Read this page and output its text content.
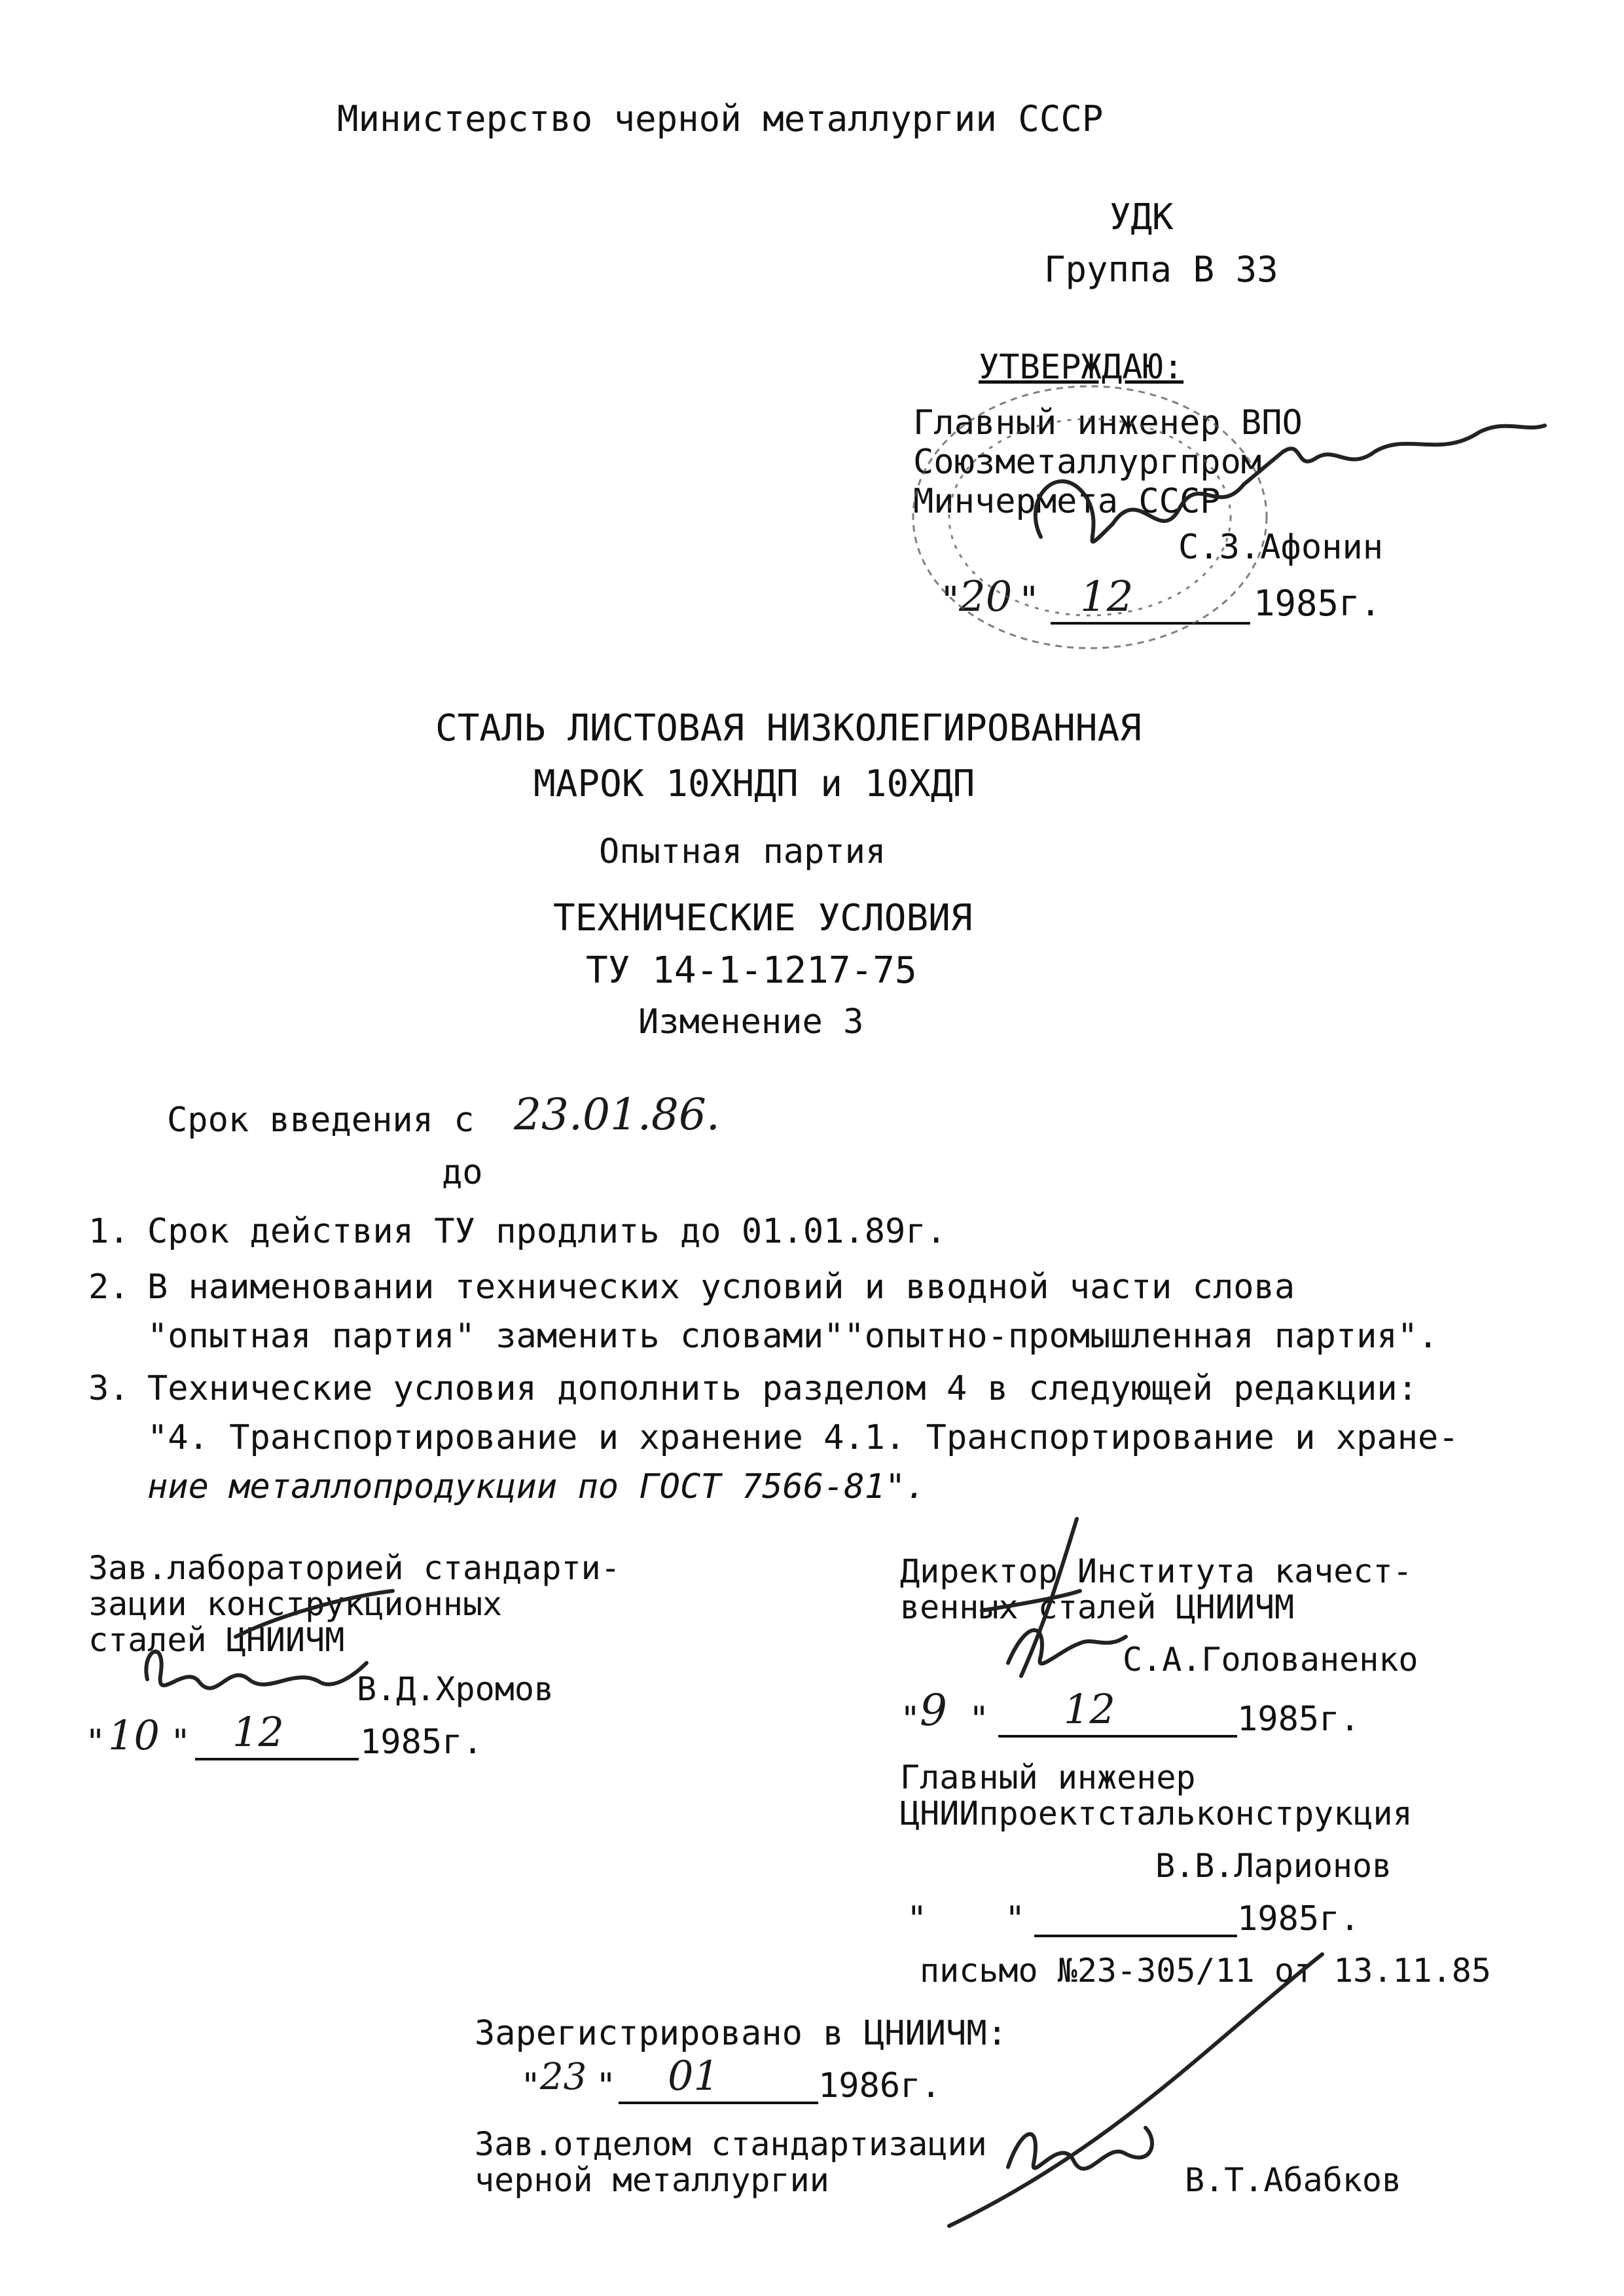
Министерство черной металлургии СССР
УДК
Группа В 33
УТВЕРЖДАЮ:
Главный инженер ВПО
Союзметаллургпром
Минчермета СССР
С.З.Афонин
"
20 " 12	1985г.
СТАЛЬ ЛИСТОВАЯ НИЗКОЛЕГИРОВАННАЯ
МАРОК 10ХНДП и 10ХДП
Опытная партия
ТЕХНИЧЕСКИЕ УСЛОВИЯ
ТУ 14-1-1217-75
Изменение 3
Срок введения с 23.01.86.
до
1. Срок действия ТУ продлить до 01.01.89г.
2. В наименовании технических условий и вводной части слова
"опытная партия" заменить словами""опытно-промышленная партия".
3. Технические условия дополнить разделом 4 в следующей редакции:
"4. Транспортирование и хранение 4.1. Транспортирование и хране-
ние металлопродукции по ГОСТ 7566-81".
Зав.лабораторией стандарти-
зации конструкционных
сталей ЦНИИЧМ
В.Д.Хромов
" 10 " 12 1985г.
Директор Института качест-
венных сталей ЦНИИЧМ
С.А.Голованенко
"
9 " 12	1985г.
Главный инженер
ЦНИИпроектстальконструкция
В.В.Ларионов
" "	1985г.
письмо №23-305/11 от 13.11.85
Зарегистрировано в ЦНИИЧМ:
"
23 " 01	1986г.
Зав.отделом стандартизации
черной металлургии	В.Т.Абабков
